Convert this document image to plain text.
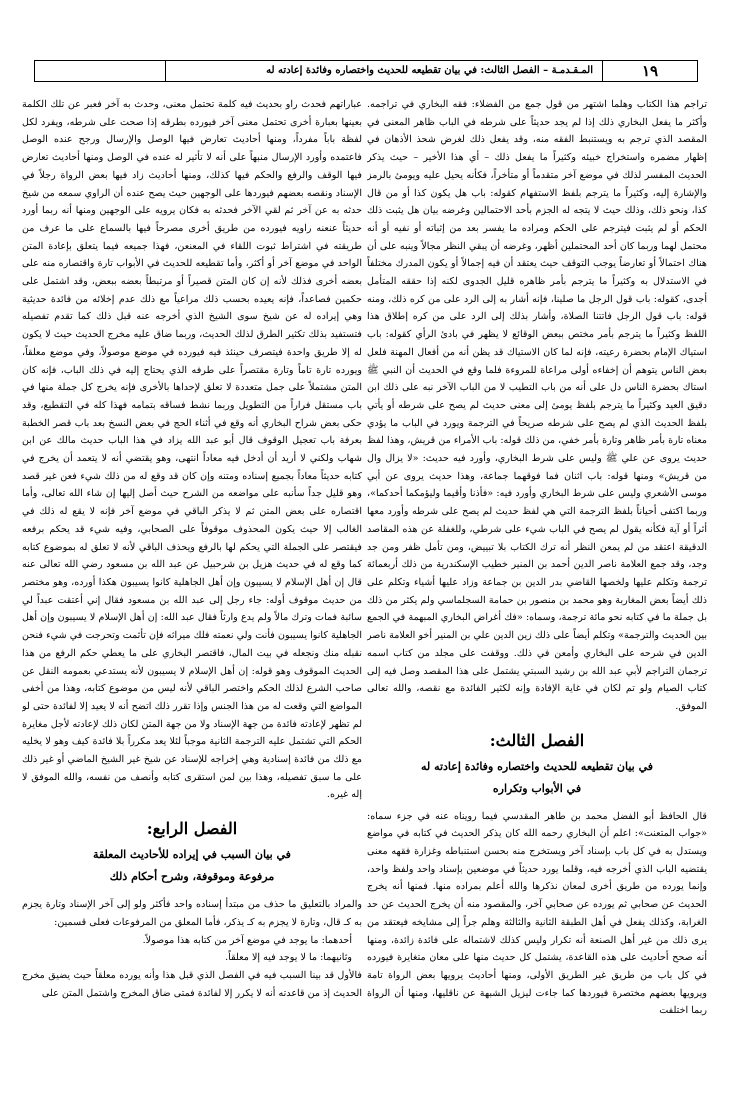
المـقـدمـة – الفصل الثالث: في بيان تقطيعه للحديث واختصاره وفائدة إعادته له	١٩

تراجم هذا الكتاب وهلما اشتهر من قول جمع من الفضلاء: فقه البخاري في تراجمه. وأكثر ما يفعل البخاري ذلك إذا لم يجد حديثاً على شرطه في الباب ظاهر المعنى في المقصد الذي ترجم به ويستنبط الفقه منه، وقد يفعل ذلك لغرض شحذ الأذهان في إظهار مضمره واستخراج خبيئه وكثيراً ما يفعل ذلك – أي هذا الأخير – حيث يذكر الحديث المفسر لذلك في موضع آخر متقدماً أو متأخراً، فكأنه يحيل عليه ويومئ بالرمز والإشارة إليه، وكثيراً ما يترجم بلفظ الاستفهام كقوله: باب هل يكون كذا أو من قال كذا، ونحو ذلك، وذلك حيث لا يتجه له الجزم بأحد الاحتمالين وغرضه بيان هل يثبت ذلك الحكم أو لم يثبت فيترجم على الحكم ومراده ما يفسر بعد من إثباته أو نفيه أو أنه محتمل لهما وربما كان أحد المحتملين أظهر، وغرضه أن يبقي النظر مجالاً وينبه على أن هناك احتمالاً أو تعارضاً يوجب التوقف حيث يعتقد أن فيه إجمالاً أو يكون المدرك مختلفاً في الاستدلال به وكثيراً ما يترجم بأمر ظاهره قليل الجدوى لكنه إذا حققه المتأمل أجدى، كقوله: باب قول الرجل ما صلينا، فإنه أشار به إلى الرد على من كره ذلك، ومنه قوله: باب قول الرجل فاتتنا الصلاة، وأشار بذلك إلى الرد على من كره إطلاق هذا اللفظ وكثيراً ما يترجم بأمر مختص ببعض الوقائع لا يظهر في بادئ الرأي كقوله: باب استياك الإمام بحضرة رعيته، فإنه لما كان الاستياك قد يظن أنه من أفعال المهنة فلعل بعض الناس يتوهم أن إخفاءه أولى مراعاة للمروءة فلما وقع في الحديث أن النبي ﷺ استاك بحضرة الناس دل على أنه من باب التطيب لا من الباب الآخر نبه على ذلك ابن دقيق العيد وكثيراً ما يترجم بلفظ يومئ إلى معنى حديث لم يصح على شرطه أو يأتي بلفظ الحديث الذي لم يصح على شرطه صريحاً في الترجمة ويورد في الباب ما يؤدي معناه تارة بأمر ظاهر وتارة بأمر خفي، من ذلك قوله: باب الأمراء من قريش، وهذا لفظ حديث يروى عن علي ﷺ وليس على شرط البخاري، وأورد فيه حديث: «لا يزال وال من قريش» ومنها قوله: باب اثنان فما فوقهما جماعة، وهذا حديث يروى عن أبي موسى الأشعري وليس على شرط البخاري وأورد فيه: «فأذنا وأقيما وليؤمكما أحدكما»، وربما اكتفى أحياناً بلفظ الترجمة التي هي لفظ حديث لم يصح على شرطه وأورد معها أثراً أو آية فكأنه يقول لم يصح في الباب شيء على شرطي، وللغفلة عن هذه المقاصد الدقيقة اعتقد من لم يمعن النظر أنه ترك الكتاب بلا تبييض، ومن تأمل ظفر ومن جد وجد، وقد جمع العلامة ناصر الدين أحمد بن المنير خطيب الإسكندرية من ذلك أربعمائة ترجمة وتكلم عليها ولخصها القاضي بدر الدين بن جماعة وزاد عليها أشياء وتكلم على ذلك أيضاً بعض المغاربة وهو محمد بن منصور بن حمامة السجلماسي ولم يكثر من ذلك بل جملة ما في كتابه نحو مائة ترجمة، وسماه: «فك أغراض البخاري المبهمة في الجمع بين الحديث والترجمة» وتكلم أيضاً على ذلك زين الدين علي بن المنير أخو العلامة ناصر الدين في شرحه على البخاري وأمعن في ذلك. ووقفت على مجلد من كتاب اسمه ترجمان التراجم لأبي عبد الله بن رشيد السبتي يشتمل على هذا المقصد وصل فيه إلى كتاب الصيام ولو تم لكان في غاية الإفادة وإنه لكثير الفائدة مع نقصه، والله تعالى الموفق.

الفصل الثالث:
في بيان تقطيعه للحديث واختصاره وفائدة إعادته له
في الأبواب وتكراره

قال الحافظ أبو الفضل محمد بن طاهر المقدسي فيما رويناه عنه في جزء سماه: «جواب المتعنت»: اعلم أن البخاري رحمه الله كان يذكر الحديث في كتابه في مواضع ويستدل به في كل باب بإسناد آخر ويستخرج منه بحسن استنباطه وغزارة فقهه معنى يقتضيه الباب الذي أخرجه فيه، وقلما يورد حديثاً في موضعين بإسناد واحد ولفظ واحد، وإنما يورده من طريق أخرى لمعان نذكرها والله أعلم بمراده منها. فمنها أنه يخرج الحديث عن صحابي ثم يورده عن صحابي آخر، والمقصود منه أن يخرج الحديث عن حد الغرابة، وكذلك يفعل في أهل الطبقة الثانية والثالثة وهلم جراً إلى مشايخه فيعتقد من يرى ذلك من غير أهل الصنعة أنه تكرار وليس كذلك لاشتماله على فائدة زائدة، ومنها أنه صحح أحاديث على هذه القاعدة، يشتمل كل حديث منها على معان متغايرة فيورده في كل باب من طريق غير الطريق الأولى، ومنها أحاديث يرويها بعض الرواة تامة ويرويها بعضهم مختصرة فيوردها كما جاءت ليزيل الشبهة عن ناقليها، ومنها أن الرواة ربما اختلفت

عباراتهم فحدث راو بحديث فيه كلمة تحتمل معنى، وحدث به آخر فعبر عن تلك الكلمة بعينها بعبارة أخرى تحتمل معنى آخر فيورده بطرقه إذا صحت على شرطه، ويفرد لكل لفظة باباً مفرداً، ومنها أحاديث تعارض فيها الوصل والإرسال ورجح عنده الوصل فاعتمده وأورد الإرسال منبهاً على أنه لا تأثير له عنده في الوصل ومنها أحاديث تعارض فيها الوقف والرفع والحكم فيها كذلك، ومنها أحاديث زاد فيها بعض الرواة رجلاً في الإسناد ونقصه بعضهم فيوردها على الوجهين حيث يصح عنده أن الراوي سمعه من شيخ حدثه به عن آخر ثم لقي الآخر فحدثه به فكان يرويه على الوجهين ومنها أنه ربما أورد حديثاً عنعنه راويه فيورده من طريق أخرى مصرحاً فيها بالسماع على ما عرف من طريقته في اشتراط ثبوت اللقاء في المعنعن، فهذا جميعه فيما يتعلق بإعادة المتن الواحد في موضع آخر أو أكثر، وأما تقطيعه للحديث في الأبواب تارة واقتصاره منه على بعضه أخرى فذلك لأنه إن كان المتن قصيراً أو مرتبطاً بعضه ببعض، وقد اشتمل على حكمين فصاعداً، فإنه يعيده بحسب ذلك مراعياً مع ذلك عدم إخلائه من فائدة حديثية وهي إيراده له عن شيخ سوى الشيخ الذي أخرجه عنه قبل ذلك كما تقدم تفصيله فتستفيد بذلك تكثير الطرق لذلك الحديث، وربما ضاق عليه مخرج الحديث حيث لا يكون له إلا طريق واحدة فيتصرف حينئذ فيه فيورده في موضع موصولاً، وفي موضع معلقاً، ويورده تارة تاماً وتارة مقتصراً على طرفه الذي يحتاج إليه في ذلك الباب، فإنه كان المتن مشتملاً على جمل متعددة لا تعلق لإحداها بالأخرى فإنه يخرج كل جملة منها في باب مستقل فراراً من التطويل وربما نشط فساقه بتمامه فهذا كله في التقطيع، وقد حكى بعض شراح البخاري أنه وقع في أثناء الحج في بعض النسخ بعد باب قصر الخطبة بعرفة باب تعجيل الوقوف قال أبو عبد الله يزاد في هذا الباب حديث مالك عن ابن شهاب ولكني لا أريد أن أدخل فيه معاداً انتهى، وهو يقتضي أنه لا يتعمد أن يخرج في كتابه حديثاً معاداً بجميع إسناده ومتنه وإن كان قد وقع له من ذلك شيء فعن غير قصد وهو قليل جداً سأنبه على مواضعه من الشرح حيث أصل إليها إن شاء الله تعالى، وأما اقتصاره على بعض المتن ثم لا يذكر الباقي في موضع آخر فإنه لا يقع له ذلك في الغالب إلا حيث يكون المحذوف موقوفاً على الصحابي، وفيه شيء قد يحكم برفعه فيقتصر على الجملة التي يحكم لها بالرفع ويحذف الباقي لأنه لا تعلق له بموضوع كتابه كما وقع له في حديث هزيل بن شرحبيل عن عبد الله بن مسعود رضي الله تعالى عنه قال إن أهل الإسلام لا يسيبون وإن أهل الجاهلية كانوا يسيبون هكذا أورده، وهو مختصر من حديث موقوف أوله: جاء رجل إلى عبد الله بن مسعود فقال إني أعتقت عبداً لي سائبة فمات وترك مالاً ولم يدع وارثاً فقال عبد الله: إن أهل الإسلام لا يسيبون وإن أهل الجاهلية كانوا يسيبون فأنت ولي نعمته فلك ميراثه فإن تأثمت وتحرجت في شيء فنحن نقبله منك ونجعله في بيت المال، فاقتصر البخاري على ما يعطي حكم الرفع من هذا الحديث الموقوف وهو قوله: إن أهل الإسلام لا يسيبون لأنه يستدعي بعمومه النقل عن صاحب الشرع لذلك الحكم واختصر الباقي لأنه ليس من موضوع كتابه، وهذا من أخفى المواضع التي وقعت له من هذا الجنس وإذا تقرر ذلك اتضح أنه لا يعيد إلا لفائدة حتى لو لم تظهر لإعادته فائدة من جهة الإسناد ولا من جهة المتن لكان ذلك لإعادته لأجل مغايرة الحكم التي تشتمل عليه الترجمة الثانية موجباً لئلا يعد مكرراً بلا فائدة كيف وهو لا يخليه مع ذلك من فائدة إسنادية وهي إخراجه للإسناد عن شيخ غير الشيخ الماضي أو غير ذلك على ما سبق تفصيله، وهذا بين لمن استقرى كتابه وأنصف من نفسه، والله الموفق لا إله غيره.

الفصل الرابع:
في بيان السبب في إيراده للأحاديث المعلقة
مرفوعة وموقوفة، وشرح أحكام ذلك

والمراد بالتعليق ما حذف من مبتدأ إسناده واحد فأكثر ولو إلى آخر الإسناد وتارة يجزم به كـ قال، وتارة لا يجزم به كـ يذكر، فأما المعلق من المرفوعات فعلى قسمين:

أحدهما: ما يوجد في موضع آخر من كتابه هذا موصولاً.

وثانيهما: ما لا يوجد فيه إلا معلقاً.

فالأول قد بينا السبب فيه في الفصل الذي قبل هذا وأنه يورده معلقاً حيث يضيق مخرج الحديث إذ من قاعدته أنه لا يكرر إلا لفائدة فمتى ضاق المخرج واشتمل المتن على
